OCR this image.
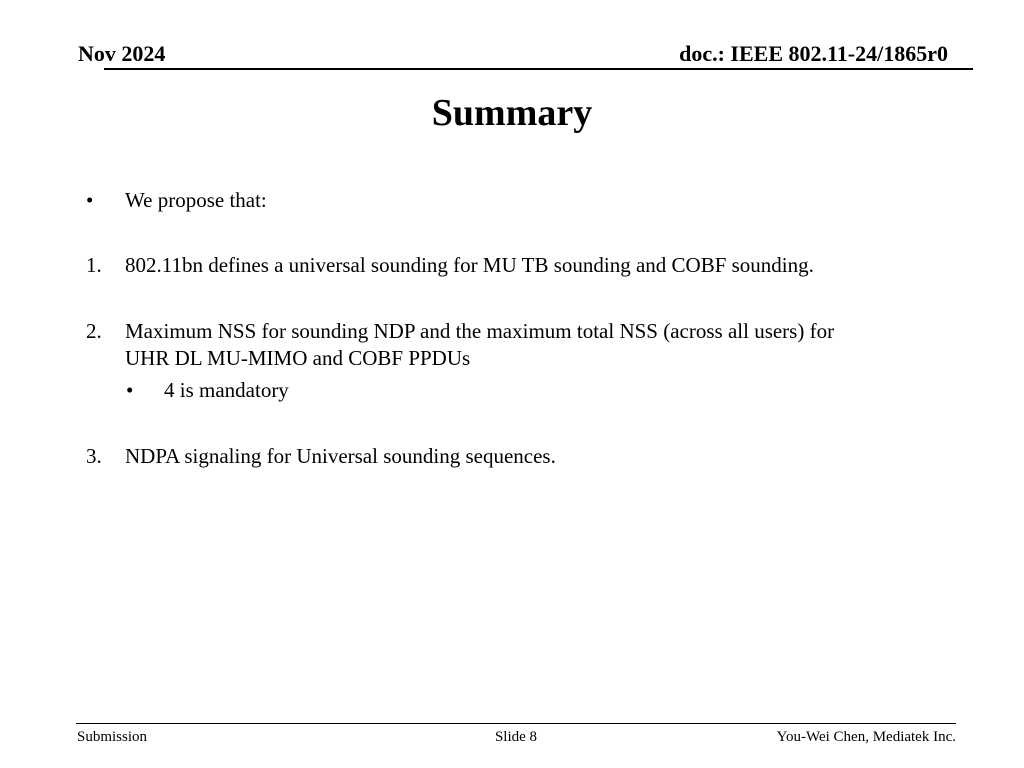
Nov 2024	doc.: IEEE 802.11-24/1865r0
Summary
•	We propose that:
1.	802.11bn defines a universal sounding for MU TB sounding and COBF sounding.
2.	Maximum NSS for sounding NDP and the maximum total NSS (across all users) for
UHR DL MU-MIMO and COBF PPDUs
•	4 is mandatory
3.	NDPA signaling for Universal sounding sequences.
Submission	Slide 8	You-Wei Chen, Mediatek Inc.
